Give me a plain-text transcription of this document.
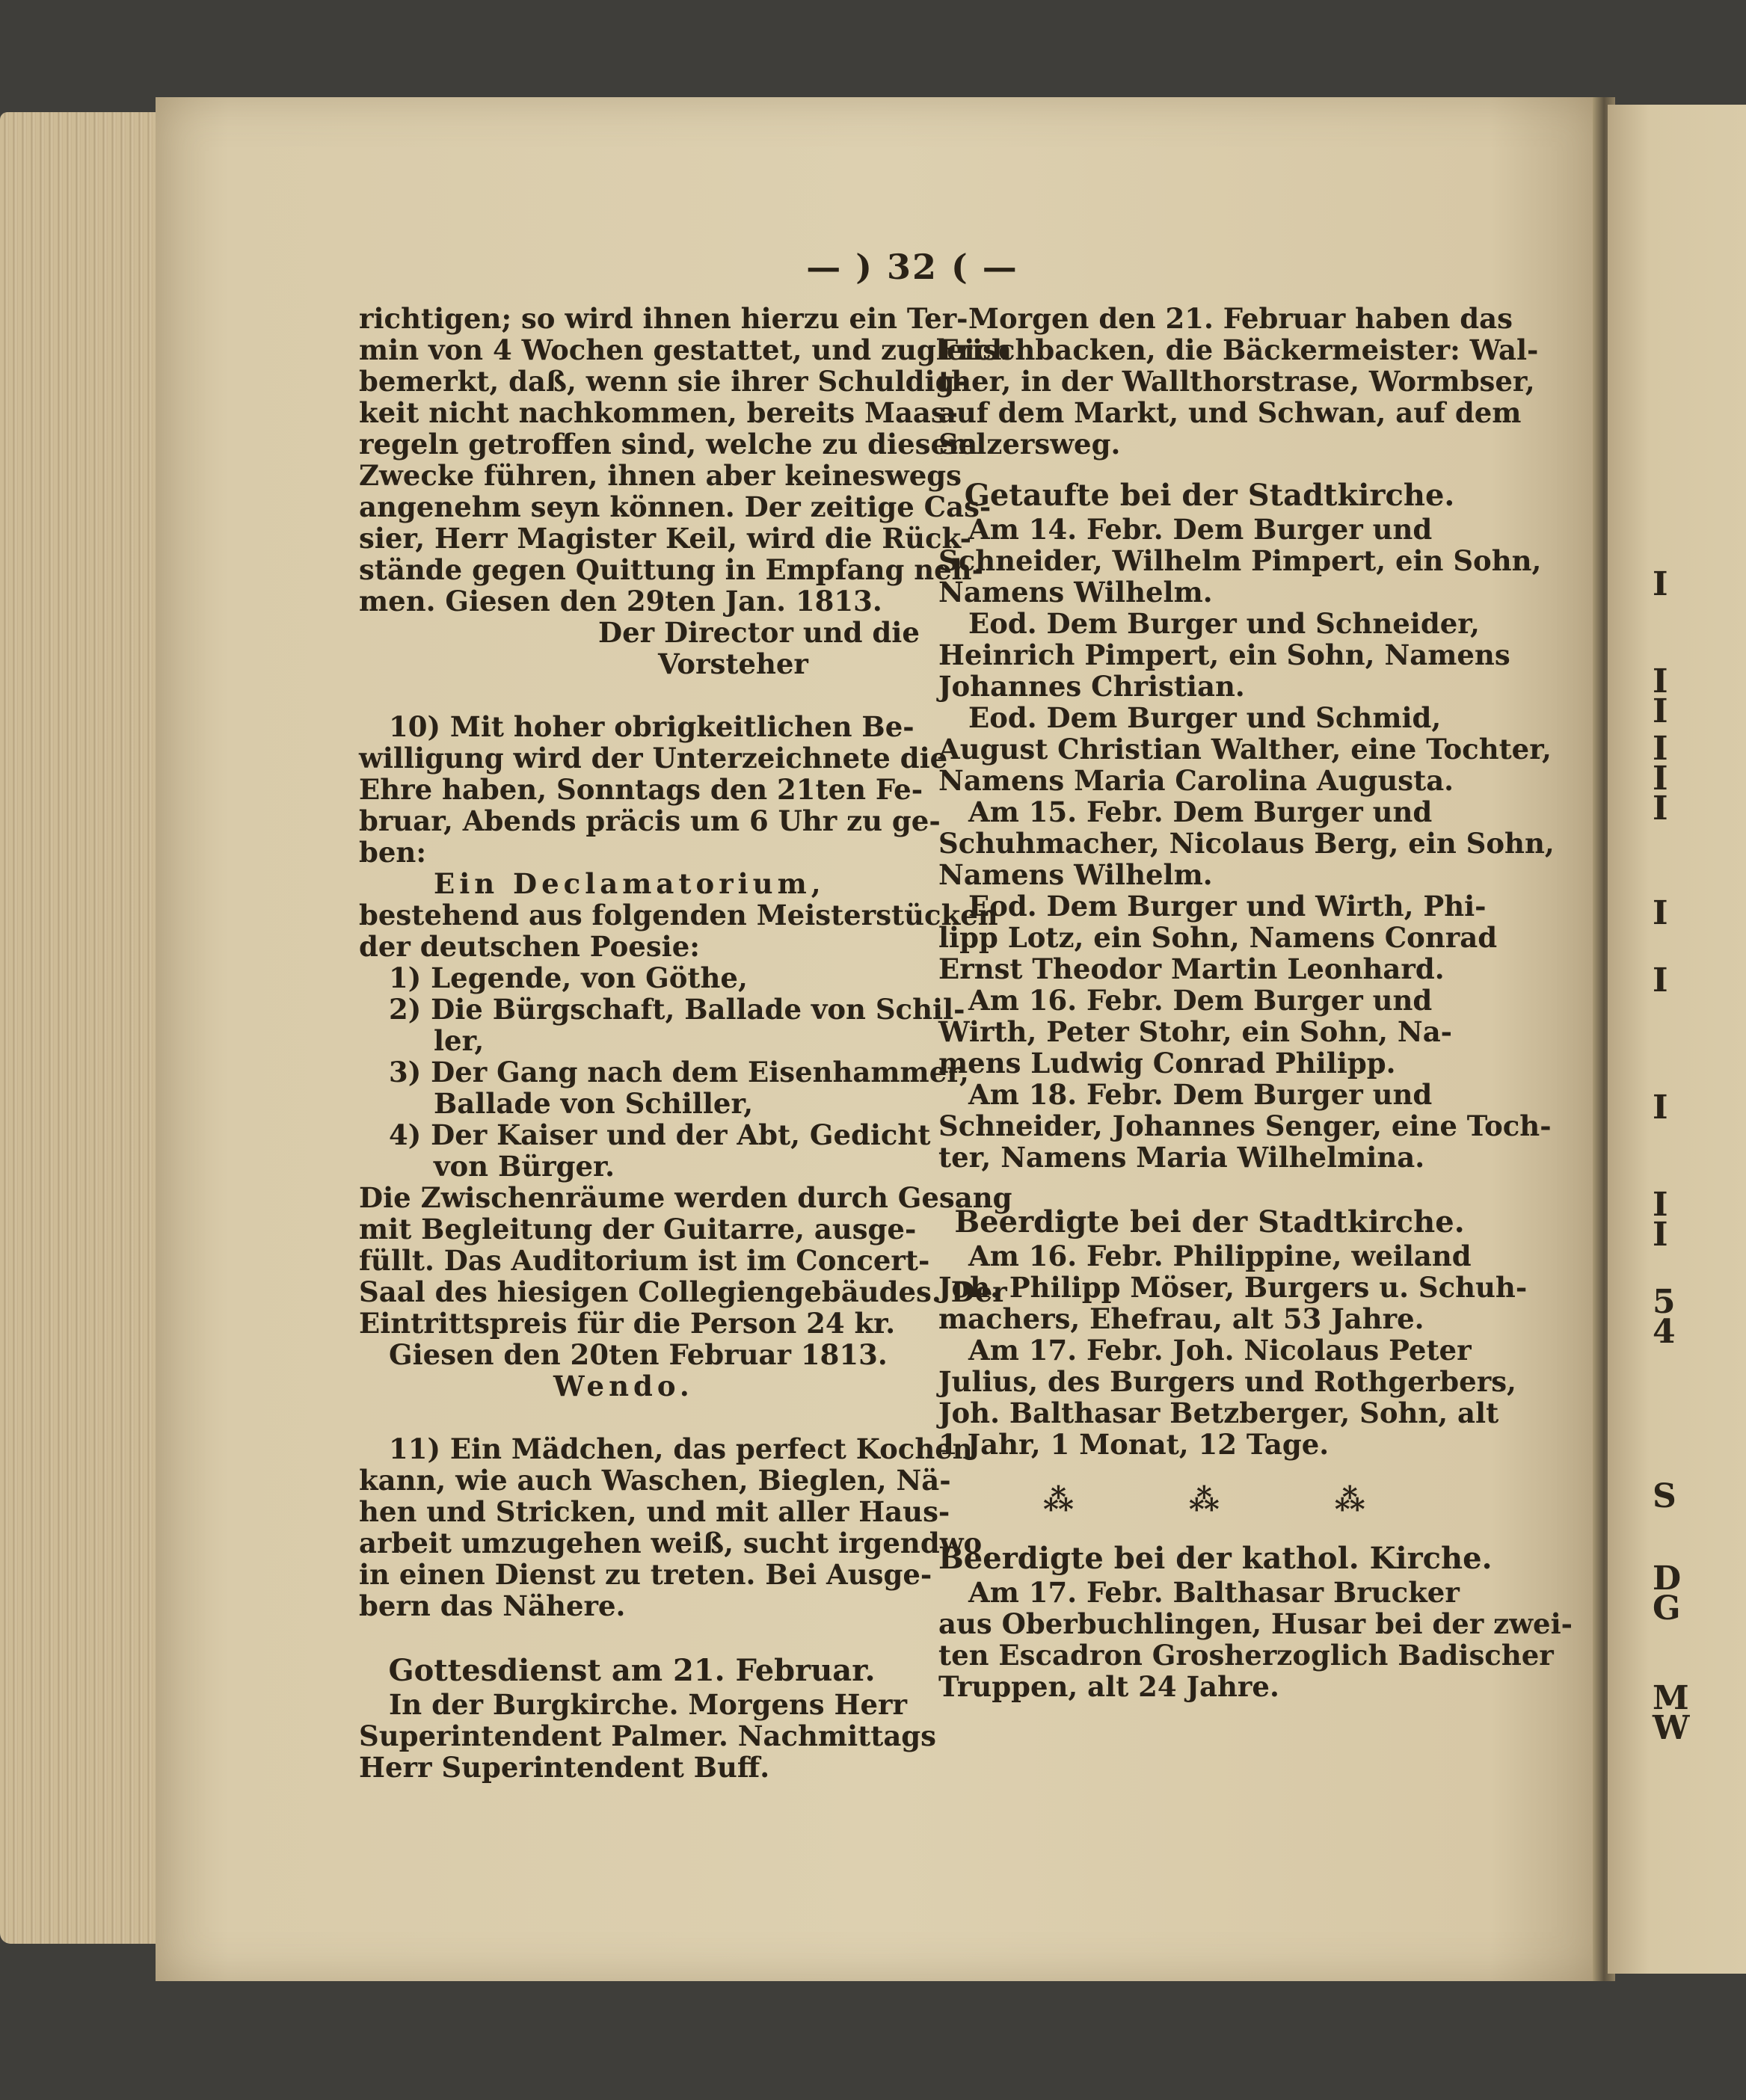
I
I
I
I
I
I
I
I
I
I
I
5
4
S
D
G
M
W
— ) 32 ( —

richtigen; so wird ihnen hierzu ein Ter-

min von 4 Wochen gestattet, und zugleich

bemerkt, daß, wenn sie ihrer Schuldig-

keit nicht nachkommen, bereits Maas-

regeln getroffen sind, welche zu diesem

Zwecke führen, ihnen aber keineswegs

angenehm seyn können. Der zeitige Cas-

sier, Herr Magister Keil, wird die Rück-

stände gegen Quittung in Empfang neh-

men. Giesen den 29ten Jan. 1813.

Der Director und die

Vorsteher

10) Mit hoher obrigkeitlichen Be-

willigung wird der Unterzeichnete die

Ehre haben, Sonntags den 21ten Fe-

bruar, Abends präcis um 6 Uhr zu ge-

ben:

Ein Declamatorium,

bestehend aus folgenden Meisterstücken

der deutschen Poesie:

1) Legende, von Göthe,

2) Die Bürgschaft, Ballade von Schil-

ler,

3) Der Gang nach dem Eisenhammer,

Ballade von Schiller,

4) Der Kaiser und der Abt, Gedicht

von Bürger.

Die Zwischenräume werden durch Gesang

mit Begleitung der Guitarre, ausge-

füllt. Das Auditorium ist im Concert-

Saal des hiesigen Collegiengebäudes. Der

Eintrittspreis für die Person 24 kr.

Giesen den 20ten Februar 1813.

Wendo.

11) Ein Mädchen, das perfect Kochen

kann, wie auch Waschen, Bieglen, Nä-

hen und Stricken, und mit aller Haus-

arbeit umzugehen weiß, sucht irgendwo

in einen Dienst zu treten. Bei Ausge-

bern das Nähere.

Gottesdienst am 21. Februar.

In der Burgkirche. Morgens Herr

Superintendent Palmer. Nachmittags

Herr Superintendent Buff.

Morgen den 21. Februar haben das

Frischbacken, die Bäckermeister: Wal-

ther, in der Wallthorstrase, Wormbser,

auf dem Markt, und Schwan, auf dem

Selzersweg.

Getaufte bei der Stadtkirche.

Am 14. Febr. Dem Burger und

Schneider, Wilhelm Pimpert, ein Sohn,

Namens Wilhelm.

Eod. Dem Burger und Schneider,

Heinrich Pimpert, ein Sohn, Namens

Johannes Christian.

Eod. Dem Burger und Schmid,

August Christian Walther, eine Tochter,

Namens Maria Carolina Augusta.

Am 15. Febr. Dem Burger und

Schuhmacher, Nicolaus Berg, ein Sohn,

Namens Wilhelm.

Eod. Dem Burger und Wirth, Phi-

lipp Lotz, ein Sohn, Namens Conrad

Ernst Theodor Martin Leonhard.

Am 16. Febr. Dem Burger und

Wirth, Peter Stohr, ein Sohn, Na-

mens Ludwig Conrad Philipp.

Am 18. Febr. Dem Burger und

Schneider, Johannes Senger, eine Toch-

ter, Namens Maria Wilhelmina.

Beerdigte bei der Stadtkirche.

Am 16. Febr. Philippine, weiland

Joh. Philipp Möser, Burgers u. Schuh-

machers, Ehefrau, alt 53 Jahre.

Am 17. Febr. Joh. Nicolaus Peter

Julius, des Burgers und Rothgerbers,

Joh. Balthasar Betzberger, Sohn, alt

1 Jahr, 1 Monat, 12 Tage.

⁂ ⁂ ⁂
Beerdigte bei der kathol. Kirche.

Am 17. Febr. Balthasar Brucker

aus Oberbuchlingen, Husar bei der zwei-

ten Escadron Grosherzoglich Badischer

Truppen, alt 24 Jahre.
